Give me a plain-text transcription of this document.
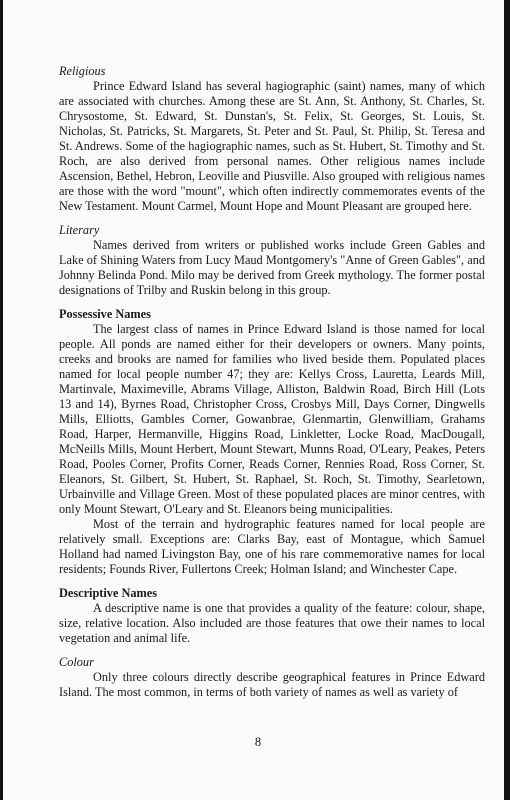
Religious

Prince Edward Island has several hagiographic (saint) names, many of which are associated with churches. Among these are St. Ann, St. Anthony, St. Charles, St. Chrysostome, St. Edward, St. Dunstan's, St. Felix, St. Georges, St. Louis, St. Nicholas, St. Patricks, St. Margarets, St. Peter and St. Paul, St. Philip, St. Teresa and St. Andrews. Some of the hagiographic names, such as St. Hubert, St. Timothy and St. Roch, are also derived from personal names. Other religious names include Ascension, Bethel, Hebron, Leoville and Piusville. Also grouped with religious names are those with the word "mount", which often indirectly commemorates events of the New Testament. Mount Carmel, Mount Hope and Mount Pleasant are grouped here.

Literary

Names derived from writers or published works include Green Gables and Lake of Shining Waters from Lucy Maud Montgomery's "Anne of Green Gables", and Johnny Belinda Pond. Milo may be derived from Greek mythology. The former postal designations of Trilby and Ruskin belong in this group.

Possessive Names

The largest class of names in Prince Edward Island is those named for local people. All ponds are named either for their developers or owners. Many points, creeks and brooks are named for families who lived beside them. Populated places named for local people number 47; they are: Kellys Cross, Lauretta, Leards Mill, Martinvale, Maximeville, Abrams Village, Alliston, Baldwin Road, Birch Hill (Lots 13 and 14), Byrnes Road, Christopher Cross, Crosbys Mill, Days Corner, Dingwells Mills, Elliotts, Gambles Corner, Gowanbrae, Glenmartin, Glenwilliam, Grahams Road, Harper, Hermanville, Higgins Road, Linkletter, Locke Road, MacDougall, McNeills Mills, Mount Herbert, Mount Stewart, Munns Road, O'Leary, Peakes, Peters Road, Pooles Corner, Profits Corner, Reads Corner, Rennies Road, Ross Corner, St. Eleanors, St. Gilbert, St. Hubert, St. Raphael, St. Roch, St. Timothy, Searletown, Urbainville and Village Green. Most of these populated places are minor centres, with only Mount Stewart, O'Leary and St. Eleanors being municipalities.

Most of the terrain and hydrographic features named for local people are relatively small. Exceptions are: Clarks Bay, east of Montague, which Samuel Holland had named Livingston Bay, one of his rare commemorative names for local residents; Founds River, Fullertons Creek; Holman Island; and Winchester Cape.

Descriptive Names

A descriptive name is one that provides a quality of the feature: colour, shape, size, relative location. Also included are those features that owe their names to local vegetation and animal life.

Colour

Only three colours directly describe geographical features in Prince Edward Island. The most common, in terms of both variety of names as well as variety of

8
